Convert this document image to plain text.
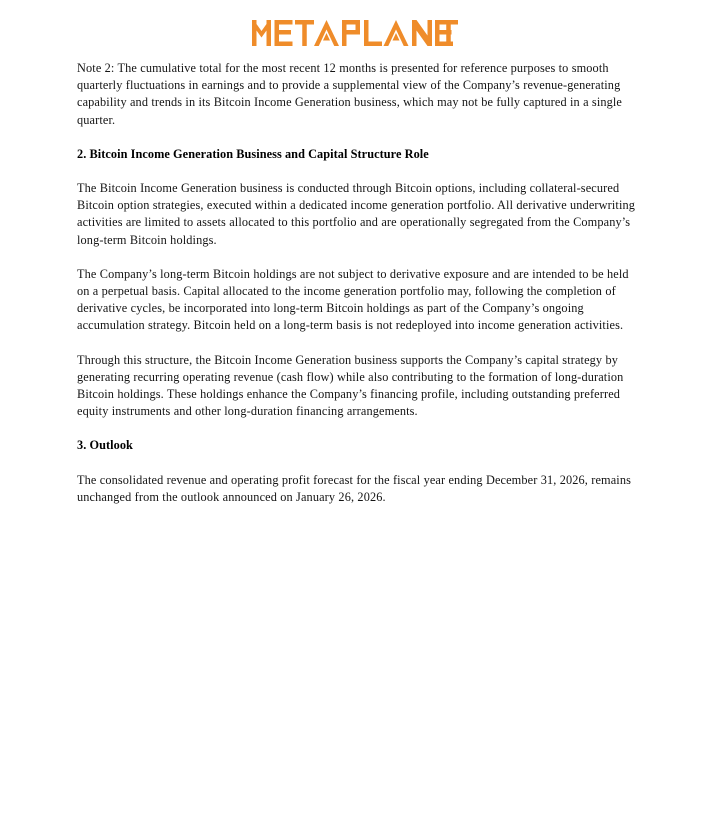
Note 2: The cumulative total for the most recent 12 months is presented for reference purposes to smooth quarterly fluctuations in earnings and to provide a supplemental view of the Company’s revenue-generating capability and trends in its Bitcoin Income Generation business, which may not be fully captured in a single quarter.

2. Bitcoin Income Generation Business and Capital Structure Role

The Bitcoin Income Generation business is conducted through Bitcoin options, including collateral-secured Bitcoin option strategies, executed within a dedicated income generation portfolio. All derivative underwriting activities are limited to assets allocated to this portfolio and are operationally segregated from the Company’s long-term Bitcoin holdings.

The Company’s long-term Bitcoin holdings are not subject to derivative exposure and are intended to be held on a perpetual basis. Capital allocated to the income generation portfolio may, following the completion of derivative cycles, be incorporated into long-term Bitcoin holdings as part of the Company’s ongoing accumulation strategy. Bitcoin held on a long-term basis is not redeployed into income generation activities.

Through this structure, the Bitcoin Income Generation business supports the Company’s capital strategy by generating recurring operating revenue (cash flow) while also contributing to the formation of long-duration Bitcoin holdings. These holdings enhance the Company’s financing profile, including outstanding preferred equity instruments and other long-duration financing arrangements.

3. Outlook

The consolidated revenue and operating profit forecast for the fiscal year ending December 31, 2026, remains unchanged from the outlook announced on January 26, 2026.
